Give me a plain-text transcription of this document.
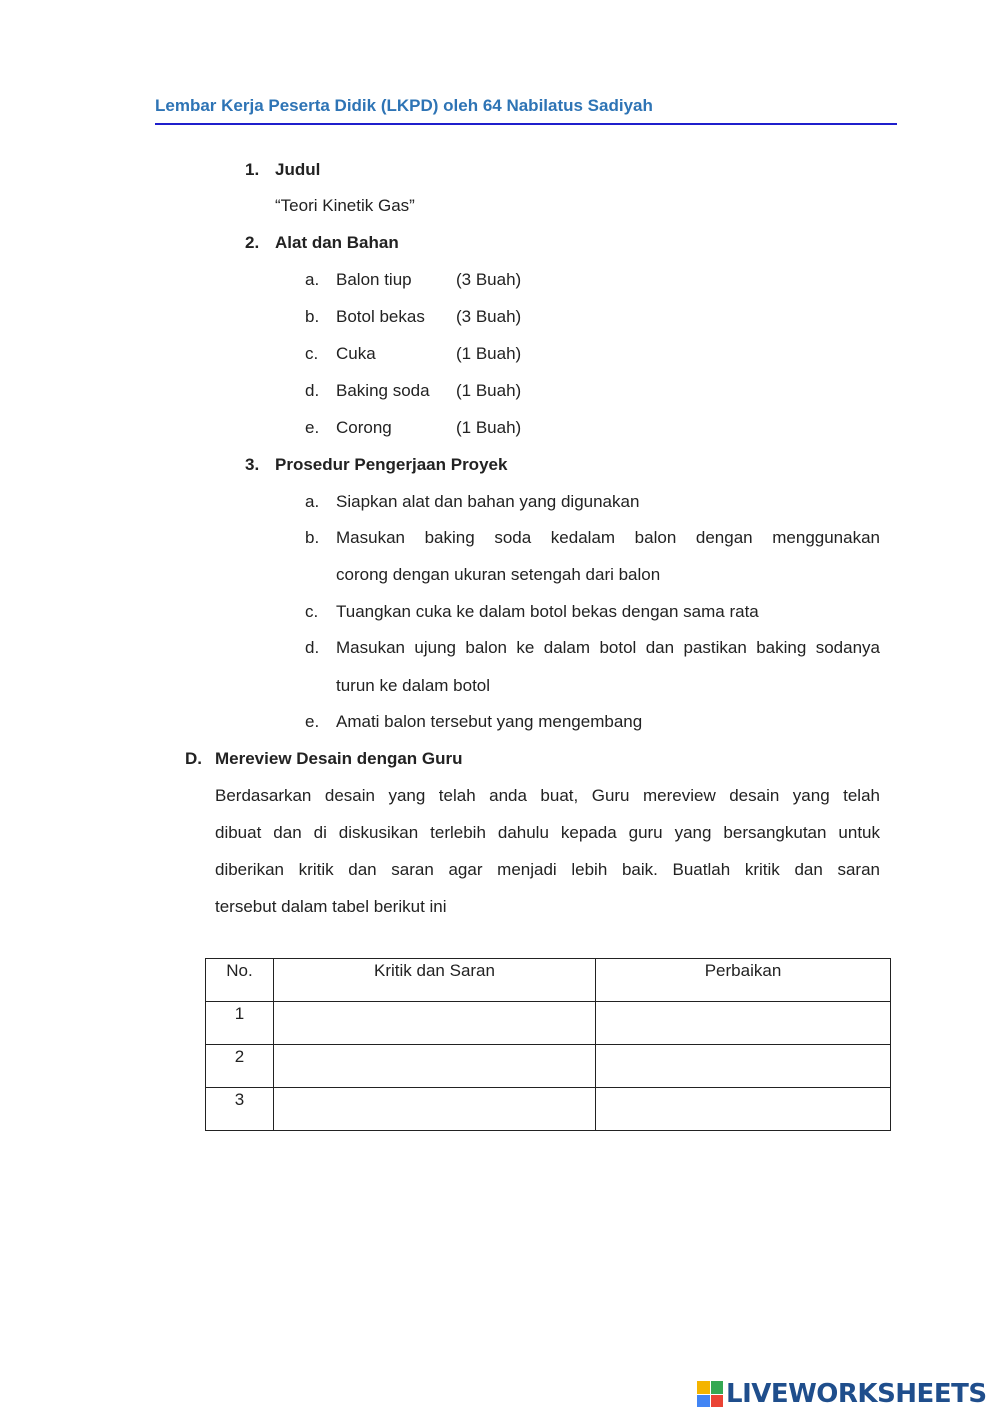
Lembar Kerja Peserta Didik (LKPD) oleh 64 Nabilatus Sadiyah
1. Judul
“Teori Kinetik Gas”
2. Alat dan Bahan
a. Balon tiup	(3 Buah)
b. Botol bekas (3 Buah)
c. Cuka	(1 Buah)
d. Baking soda (1 Buah)
e. Corong	(1 Buah)
3. Prosedur Pengerjaan Proyek
a. Siapkan alat dan bahan yang digunakan
b. Masukan baking soda kedalam balon dengan menggunakan
corong dengan ukuran setengah dari balon
c. Tuangkan cuka ke dalam botol bekas dengan sama rata
d. Masukan ujung balon ke dalam botol dan pastikan baking sodanya
turun ke dalam botol
e. Amati balon tersebut yang mengembang
D. Mereview Desain dengan Guru
Berdasarkan desain yang telah anda buat, Guru mereview desain yang telah
dibuat dan di diskusikan terlebih dahulu kepada guru yang bersangkutan untuk
diberikan kritik dan saran agar menjadi lebih baik. Buatlah kritik dan saran
tersebut dalam tabel berikut ini
No.	Kritik dan Saran	Perbaikan
1		
2		
3		
LIVEWORKSHEETS
